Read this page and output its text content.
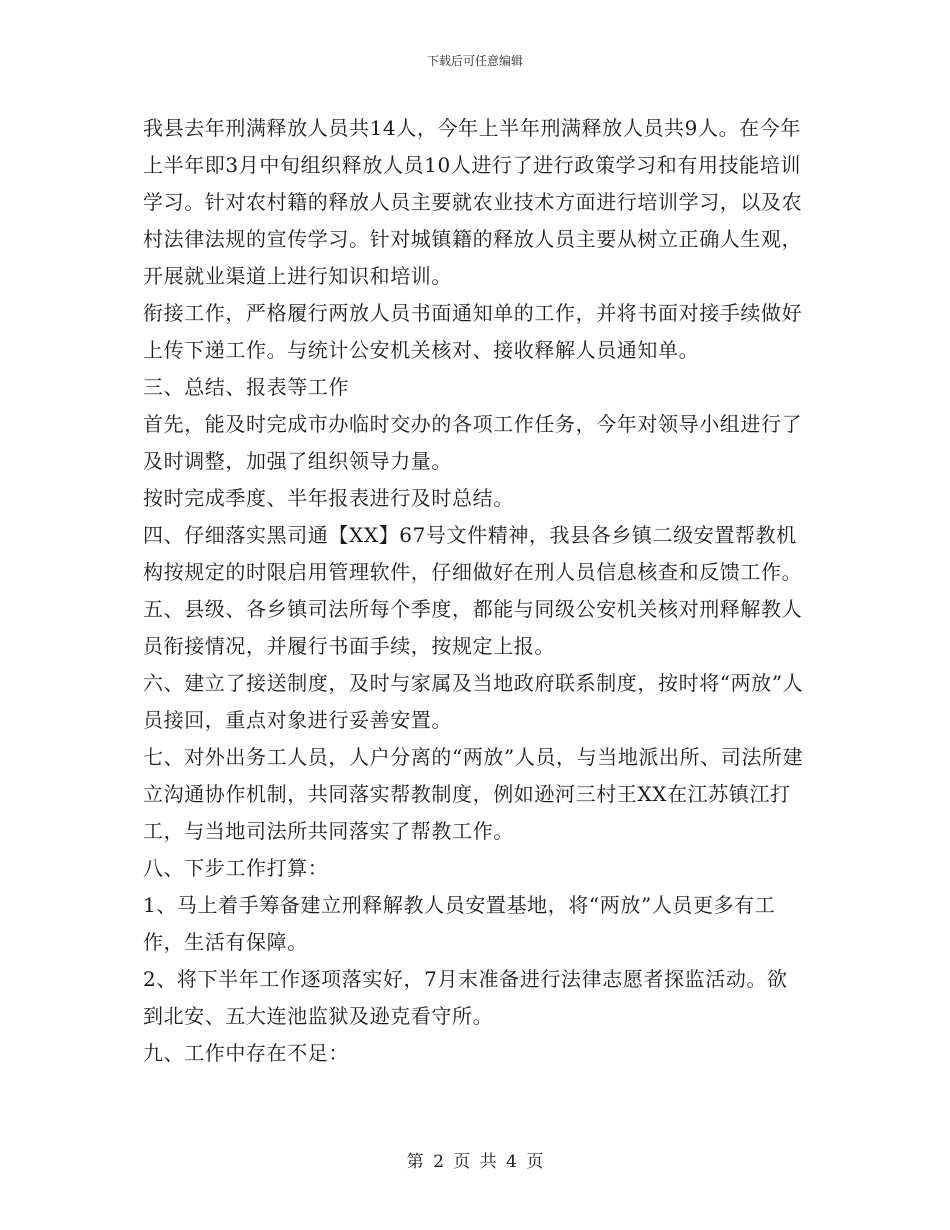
下载后可任意编辑

我县去年刑满释放人员共14人，今年上半年刑满释放人员共9人。在今年上半年即3月中旬组织释放人员10人进行了进行政策学习和有用技能培训学习。针对农村籍的释放人员主要就农业技术方面进行培训学习，以及农村法律法规的宣传学习。针对城镇籍的释放人员主要从树立正确人生观，开展就业渠道上进行知识和培训。

衔接工作，严格履行两放人员书面通知单的工作，并将书面对接手续做好上传下递工作。与统计公安机关核对、接收释解人员通知单。

三、总结、报表等工作

首先，能及时完成市办临时交办的各项工作任务，今年对领导小组进行了及时调整，加强了组织领导力量。

按时完成季度、半年报表进行及时总结。

四、仔细落实黑司通【XX】67号文件精神，我县各乡镇二级安置帮教机构按规定的时限启用管理软件，仔细做好在刑人员信息核查和反馈工作。

五、县级、各乡镇司法所每个季度，都能与同级公安机关核对刑释解教人员衔接情况，并履行书面手续，按规定上报。

六、建立了接送制度，及时与家属及当地政府联系制度，按时将“两放”人员接回，重点对象进行妥善安置。

七、对外出务工人员，人户分离的“两放”人员，与当地派出所、司法所建立沟通协作机制，共同落实帮教制度，例如逊河三村王XX在江苏镇江打工，与当地司法所共同落实了帮教工作。

八、下步工作打算：

1、马上着手筹备建立刑释解教人员安置基地，将“两放”人员更多有工作，生活有保障。

2、将下半年工作逐项落实好，7月末准备进行法律志愿者探监活动。欲到北安、五大连池监狱及逊克看守所。

九、工作中存在不足：

第 2 页 共 4 页
